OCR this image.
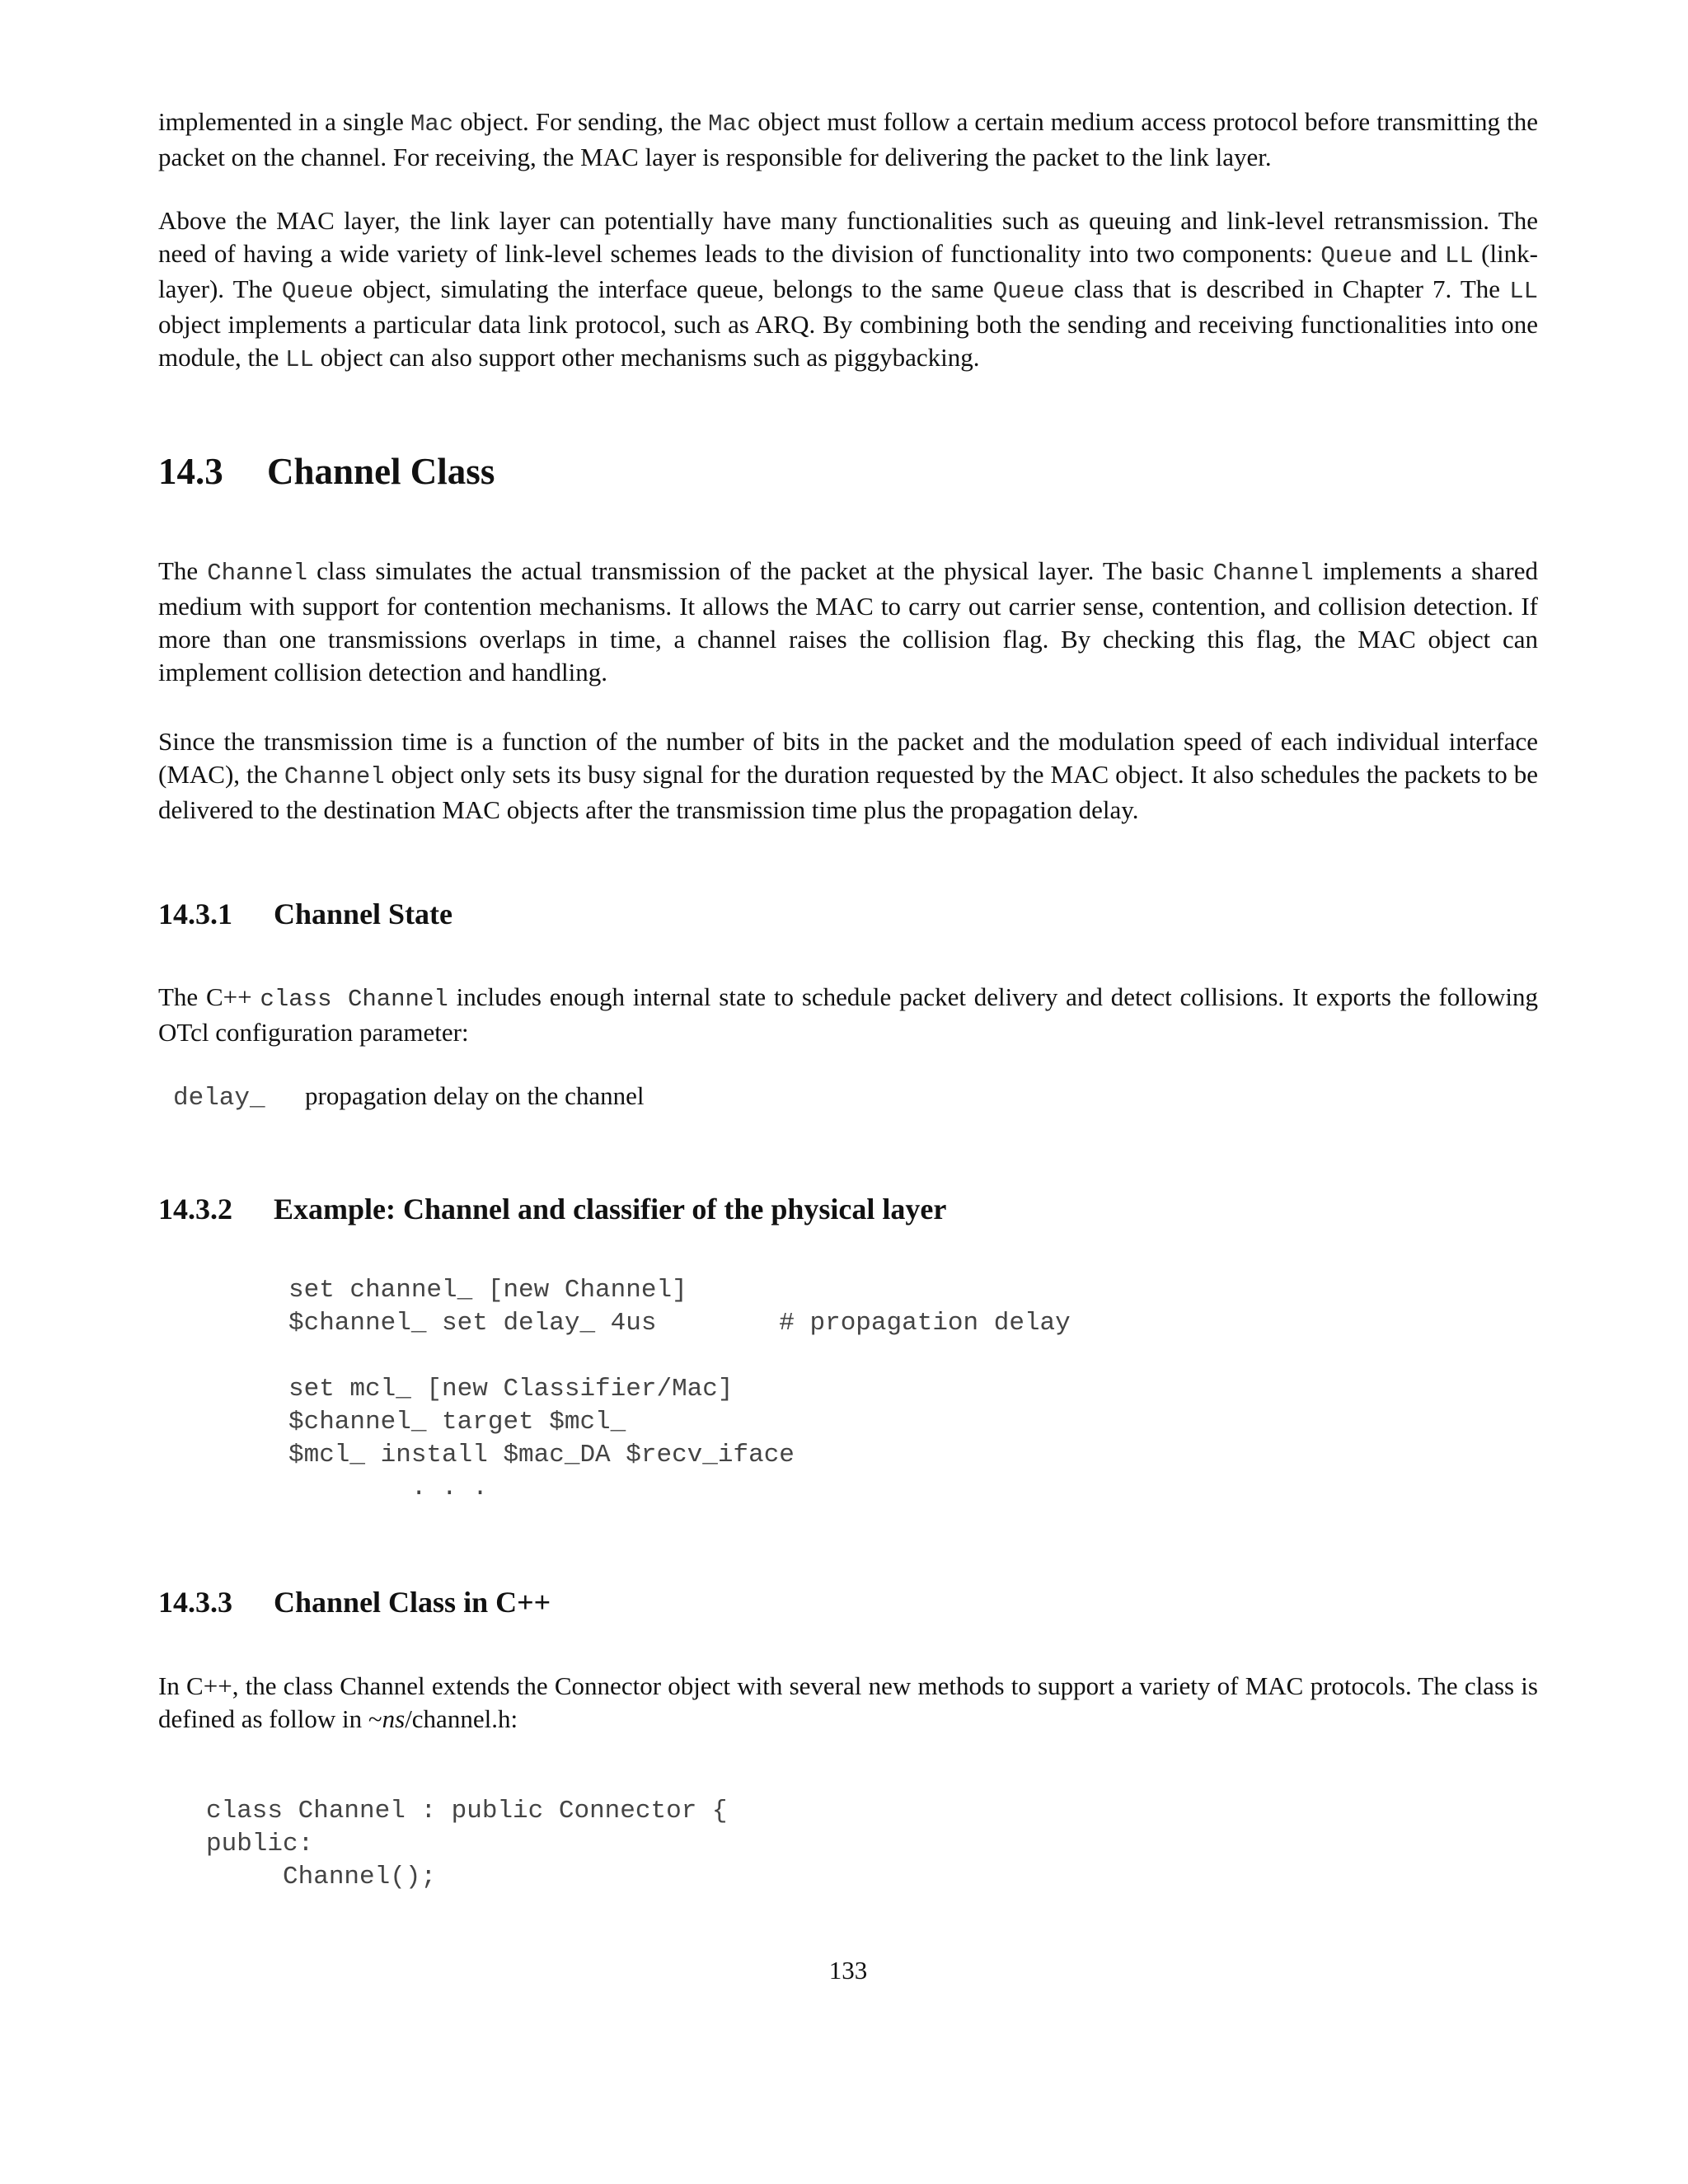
implemented in a single Mac object. For sending, the Mac object must follow a certain medium access protocol before transmitting the packet on the channel. For receiving, the MAC layer is responsible for delivering the packet to the link layer.

Above the MAC layer, the link layer can potentially have many functionalities such as queuing and link-level retransmission. The need of having a wide variety of link-level schemes leads to the division of functionality into two components: Queue and LL (link-layer). The Queue object, simulating the interface queue, belongs to the same Queue class that is described in Chapter 7. The LL object implements a particular data link protocol, such as ARQ. By combining both the sending and receiving functionalities into one module, the LL object can also support other mechanisms such as piggybacking.

14.3 Channel Class

The Channel class simulates the actual transmission of the packet at the physical layer. The basic Channel implements a shared medium with support for contention mechanisms. It allows the MAC to carry out carrier sense, contention, and collision detection. If more than one transmissions overlaps in time, a channel raises the collision flag. By checking this flag, the MAC object can implement collision detection and handling.

Since the transmission time is a function of the number of bits in the packet and the modulation speed of each individual interface (MAC), the Channel object only sets its busy signal for the duration requested by the MAC object. It also schedules the packets to be delivered to the destination MAC objects after the transmission time plus the propagation delay.

14.3.1 Channel State

The C++ class Channel includes enough internal state to schedule packet delivery and detect collisions. It exports the following OTcl configuration parameter:

delay_ propagation delay on the channel
14.3.2 Example: Channel and classifier of the physical layer
set channel_ [new Channel]
$channel_ set delay_ 4us        # propagation delay

set mcl_ [new Classifier/Mac]
$channel_ target $mcl_
$mcl_ install $mac_DA $recv_iface
. . .
14.3.3 Channel Class in C++

In C++, the class Channel extends the Connector object with several new methods to support a variety of MAC protocols. The class is defined as follow in ~ns/channel.h:

class Channel : public Connector {
public:
Channel();
133
